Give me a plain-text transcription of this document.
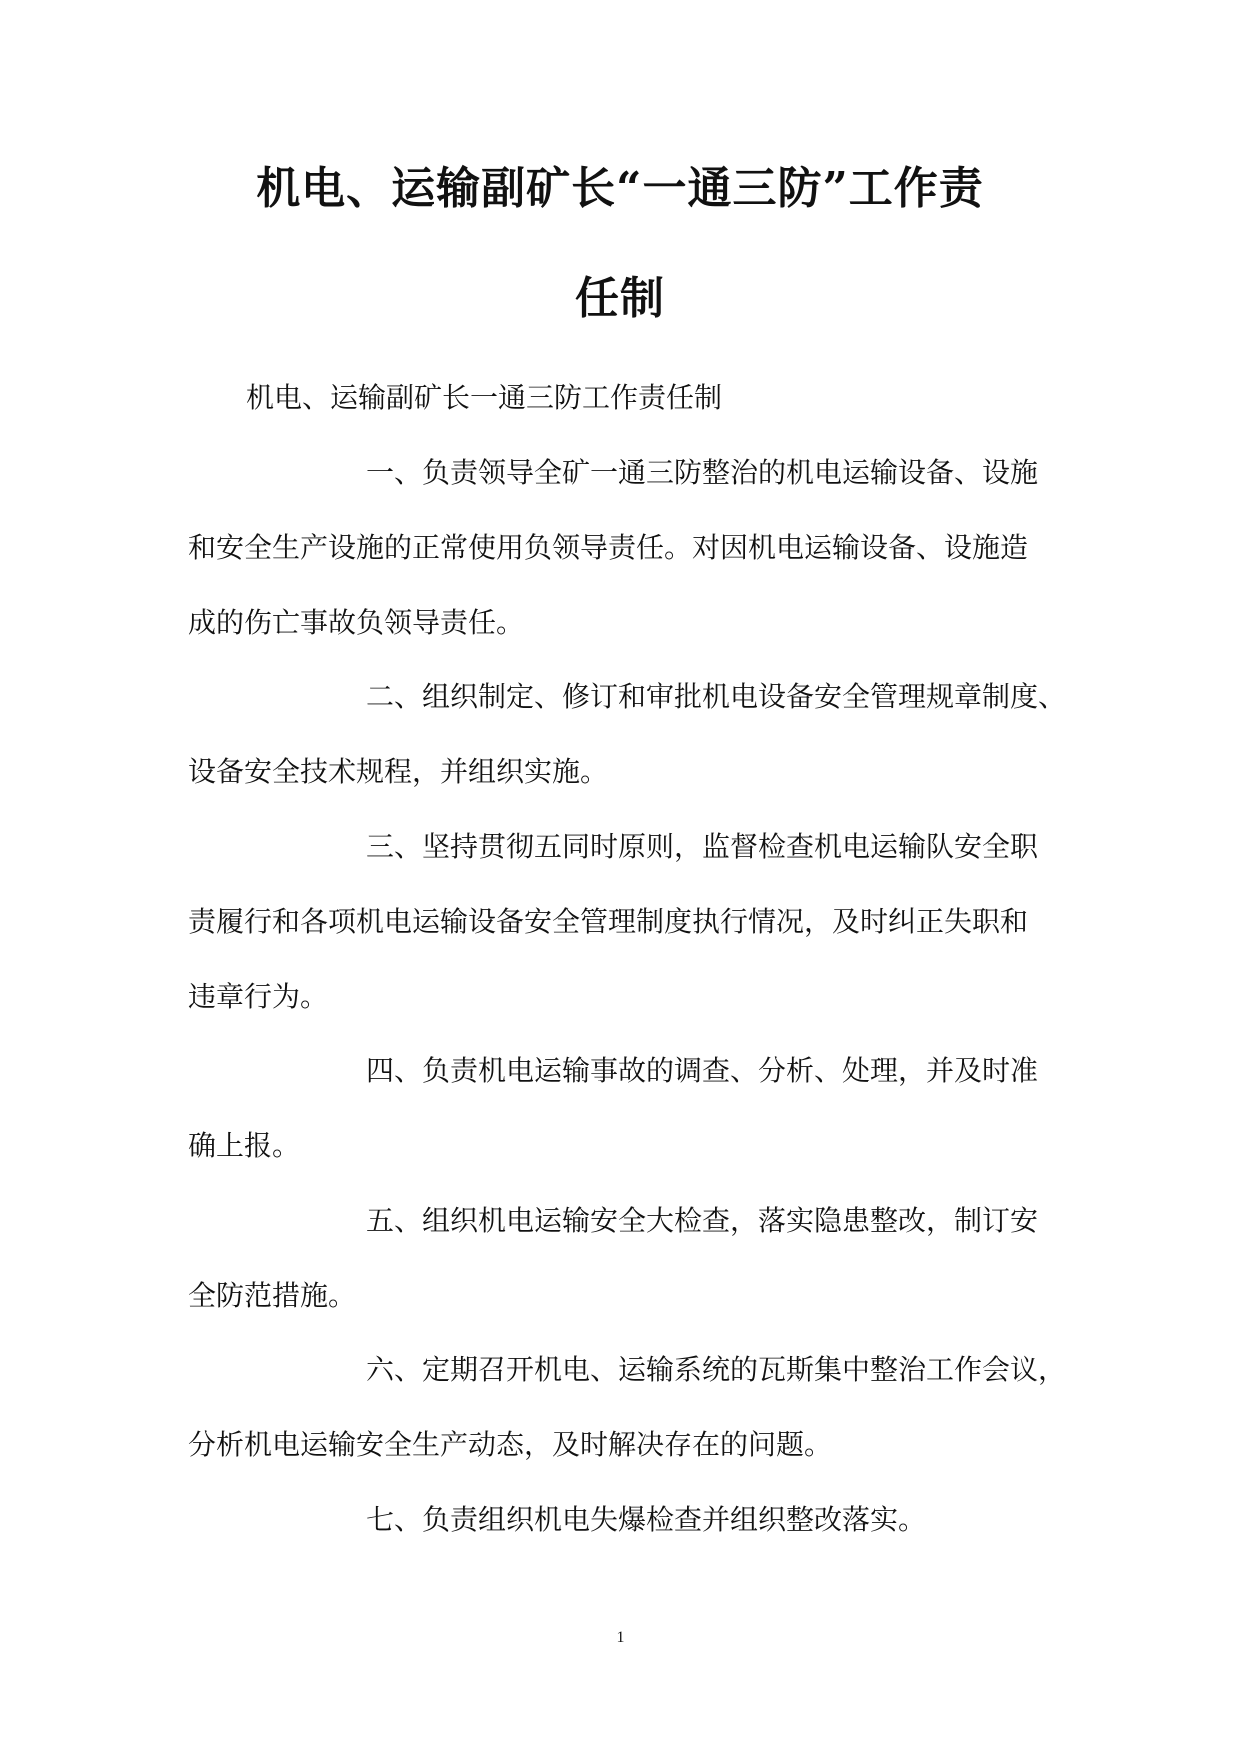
机电、运输副矿长“一通三防”工作责
任制

机电、运输副矿长一通三防工作责任制

一、负责领导全矿一通三防整治的机电运输设备、设施

和安全生产设施的正常使用负领导责任。对因机电运输设备、设施造

成的伤亡事故负领导责任。

二、组织制定、修订和审批机电设备安全管理规章制度、

设备安全技术规程，并组织实施。

三、坚持贯彻五同时原则，监督检查机电运输队安全职

责履行和各项机电运输设备安全管理制度执行情况，及时纠正失职和

违章行为。

四、负责机电运输事故的调查、分析、处理，并及时准

确上报。

五、组织机电运输安全大检查，落实隐患整改，制订安

全防范措施。

六、定期召开机电、运输系统的瓦斯集中整治工作会议，

分析机电运输安全生产动态，及时解决存在的问题。

七、负责组织机电失爆检查并组织整改落实。

1
